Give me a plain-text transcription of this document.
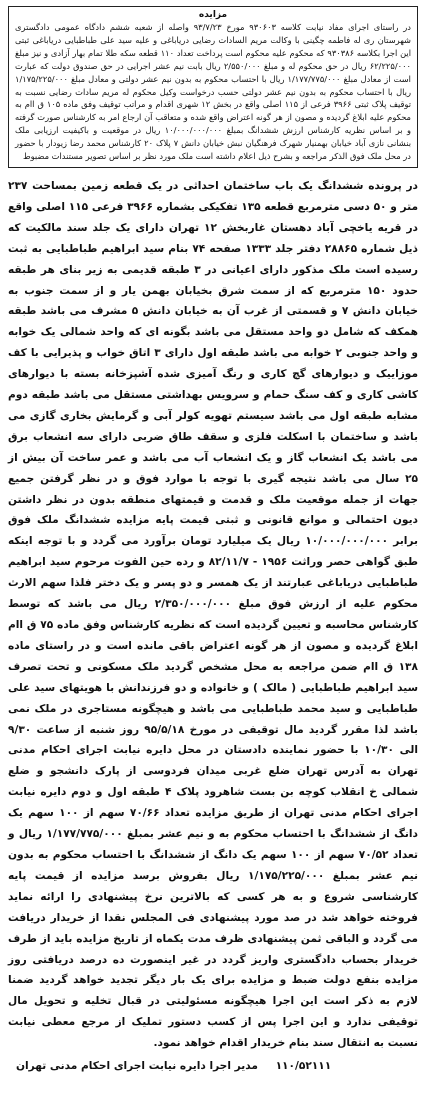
مزایده

در راستای اجرای مفاد نیابت کلاسه ۹۳۰۶۰۳ مورخ ۹۳/۷/۲۳ واصله از شعبه ششم دادگاه عمومی دادگستری شهرستان ری له فاطمه چگینی با وکالت مریم السادات رضایی دریاباغی و علیه سید علی طباطبایی دریاباغی ثبتی این اجرا بکلاسه ۹۳۰۳۸۶ که محکوم علیه محکوم است پرداخت تعداد ۱۱۰ قطعه سکه طلا تمام بهار آزادی و نیز مبلغ ۶۲/۲۲۵/۰۰۰ ریال در حق محکوم له و مبلغ ۲/۵۵۰/۰۰۰ ریال بابت نیم عشر اجرایی در حق صندوق دولت که عبارت است از معادل مبلغ ۱/۱۷۷/۷۷۵/۰۰۰ ریال با احتساب محکوم به بدون نیم عشر دولتی و معادل مبلغ ۱/۱۷۵/۲۲۵/۰۰۰ ریال با احتساب محکوم به بدون نیم عشر دولتی حسب درخواست وکیل محکوم له مریم سادات رضایی نسبت به توقیف پلاک ثبتی ۳۹۶۶ فرعی از ۱۱۵ اصلی واقع در بخش ۱۲ شهری اقدام و مراتب توقیف وفق ماده ۱۰۵ ق اام به محکوم علیه ابلاغ گردیده و مصون از هر گونه اعتراض واقع شده و متعاقب آن ارجاع امر به کارشناس صورت گرفته و بر اساس نظریه کارشناس ارزش ششدانگ بمبلغ ۱۰/۰۰۰/۰۰۰/۰۰۰ ریال در موقعیت و باکیفیت ارزیابی ملک بنشانی نازی آباد خیابان بهمنیار شهرک فرهنگیان نبش خیابان دانش ۷ پلاک ۲۰ کارشناس محمد رضا زیودار با حضور در محل ملک فوق الذکر مراجعه و بشرح ذیل اعلام داشته است ملک مورد نظر بر اساس تصویر مستندات مضبوط

در پرونده ششدانگ یک باب ساختمان احداثی در یک قطعه زمین بمساحت ۲۳۷ متر و ۵۰ دسی مترمربع قطعه ۱۳۵ تفکیکی بشماره ۳۹۶۶ فرعی ۱۱۵ اصلی واقع در قریه یاخچی آباد دهستان غاربخش ۱۲ تهران دارای یک جلد سند مالکیت که ذیل شماره ۲۸۸۶۵ دفتر جلد ۱۳۳۳ صفحه ۷۴ بنام سید ابراهیم طباطبایی به ثبت رسیده است ملک مذکور دارای اعیانی در ۳ طبقه قدیمی به زیر بنای هر طبقه حدود ۱۵۰ مترمربع که از سمت شرق بخیابان بهمن یار و از سمت جنوب به خیابان دانش ۷ و قسمتی از غرب آن به خیابان دانش ۵ مشرف می باشد طبقه همکف که شامل دو واحد مستقل می باشد بگونه ای که واحد شمالی یک خوابه و واحد جنوبی ۲ خوابه می باشد طبقه اول دارای ۳ اتاق خواب و پذیرایی با کف موزاییک و دیوارهای گچ کاری و رنگ آمیزی شده آشپزخانه بسته با دیوارهای کاشی کاری و کف سنگ حمام و سرویس بهداشتی مستقل می باشد طبقه دوم مشابه طبقه اول می باشد سیستم تهویه کولر آبی و گرمایش بخاری گازی می باشد و ساختمان با اسکلت فلزی و سقف طاق ضربی دارای سه انشعاب برق می باشد یک انشعاب گاز و یک انشعاب آب می باشد و عمر ساخت آن بیش از ۲۵ سال می باشد نتیجه گیری با توجه با موارد فوق و در نظر گرفتن جمیع جهات از جمله موقعیت ملک و قدمت و قیمتهای منطقه بدون در نظر داشتن دیون احتمالی و موانع قانونی و ثبتی قیمت پایه مزایده ششدانگ ملک فوق برابر ۱۰/۰۰۰/۰۰۰/۰۰۰ ریال یک میلیارد تومان برآورد می گردد و با توجه اینکه طبق گواهی حصر وراثت ۱۹۵۶ - ۸۲/۱۱/۷ و رده حین الفوت مرحوم سید ابراهیم طباطبایی دریاباغی عبارتند از یک همسر و دو پسر و یک دختر فلذا سهم الارث محکوم علیه از ارزش فوق مبلغ ۲/۳۵۰/۰۰۰/۰۰۰ ریال می باشد که توسط کارشناس محاسبه و تعیین گردیده است که نظریه کارشناس وفق ماده ۷۵ ق اام ابلاغ گردیده و مصون از هر گونه اعتراض باقی مانده است و در راستای ماده ۱۳۸ ق اام ضمن مراجعه به محل مشخص گردید ملک مسکونی و تحت تصرف سید ابراهیم طباطبایی ( مالک ) و خانواده و دو فرزندانش با هویتهای سید علی طباطبایی و سید محمد طباطبایی می باشد و هیچگونه مستاجری در ملک نمی باشد لذا مقرر گردید مال توقیفی در مورخ ۹۵/۵/۱۸ روز شنبه از ساعت ۹/۳۰ الی ۱۰/۳۰ با حضور نماینده دادستان در محل دایره نیابت اجرای احکام مدنی تهران به آدرس تهران ضلع غربی میدان فردوسی از پارک دانشجو و ضلع شمالی خ انقلاب کوچه بن بست شاهرود پلاک ۴ طبقه اول و دوم دایره نیابت اجرای احکام مدنی تهران از طریق مزایده تعداد ۷۰/۶۶ سهم از ۱۰۰ سهم یک دانگ از ششدانگ با احتساب محکوم به و نیم عشر بمبلغ ۱/۱۷۷/۷۷۵/۰۰۰ ریال و تعداد ۷۰/۵۲ سهم از ۱۰۰ سهم یک دانگ از ششدانگ با احتساب محکوم به بدون نیم عشر بمبلغ ۱/۱۷۵/۲۲۵/۰۰۰ ریال بفروش برسد مزایده از قیمت پایه کارشناسی شروع و به هر کسی که بالاترین نرخ پیشنهادی را ارائه نماید فروخته خواهد شد در صد مورد پیشنهادی فی المجلس نقدا از خریدار دریافت می گردد و الباقی ثمن پیشنهادی ظرف مدت یکماه از تاریخ مزایده باید از طرف خریدار بحساب دادگستری واریز گردد در غیر اینصورت ده درصد دریافتی روز مزایده بنفع دولت ضبط و مزایده برای یک بار دیگر تجدید خواهد گردید ضمنا لازم به ذکر است این اجرا هیچگونه مسئولیتی در قبال تخلیه و تحویل مال توقیفی ندارد و این اجرا پس از کسب دستور تملیک از مرجع معطی نیابت نسبت به انتقال سند بنام خریدار اقدام خواهد نمود.

۱۱۰/۵۲۱۱۱ مدیر اجرا دایره نیابت اجرای احکام مدنی تهران
